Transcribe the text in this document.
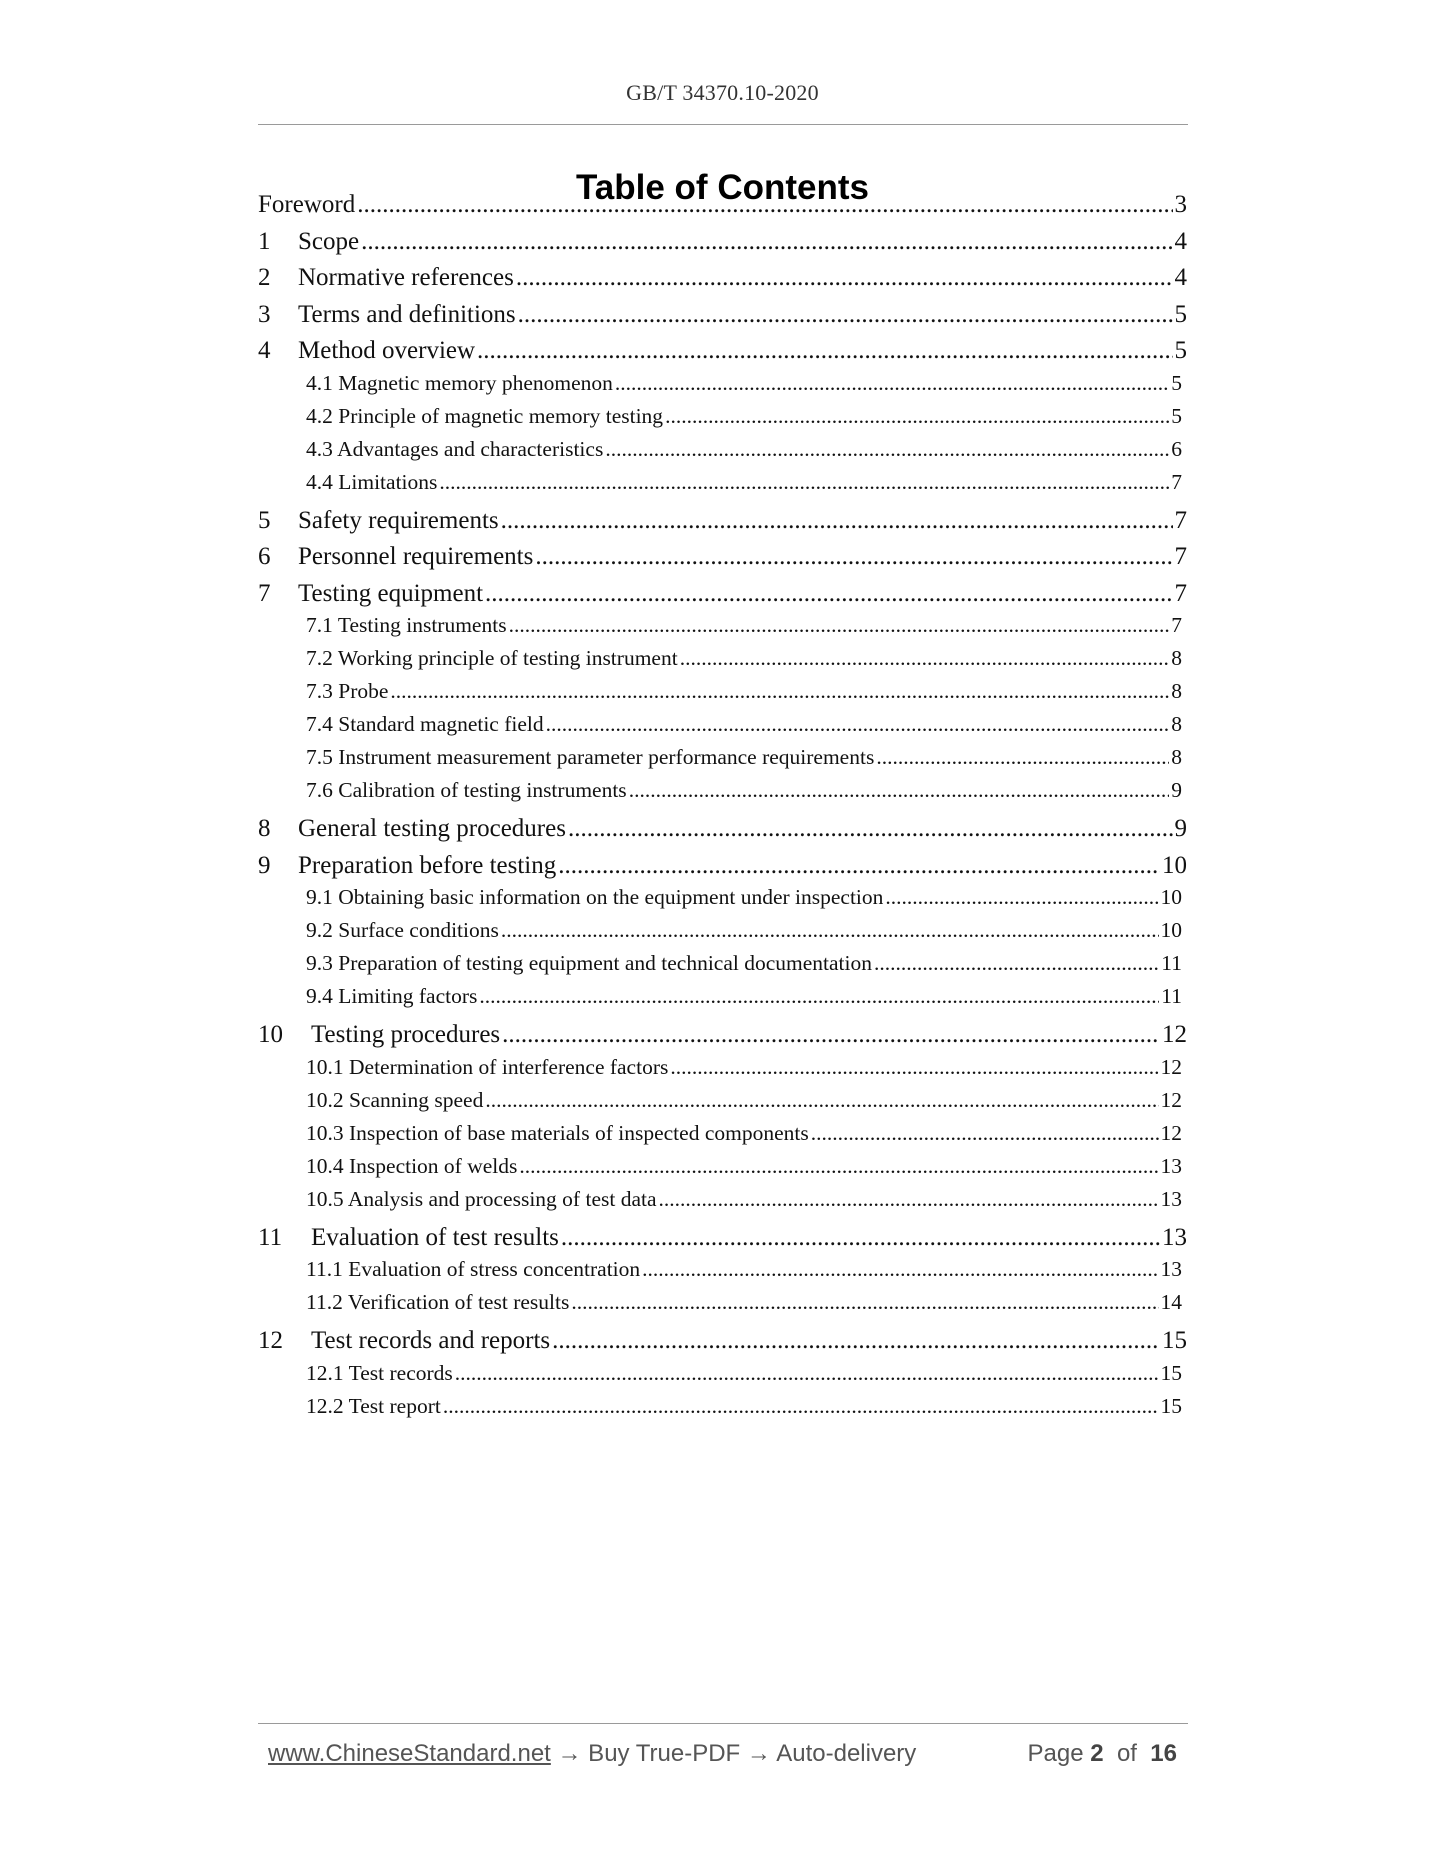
GB/T 34370.10-2020
Table of Contents
Foreword .....	3
1	Scope .....	4
2	Normative references .....	4
3	Terms and definitions .....	5
4	Method overview .....	5
4.1 Magnetic memory phenomenon .....	5
4.2 Principle of magnetic memory testing .....	5
4.3 Advantages and characteristics .....	6
4.4 Limitations .....	7
5	Safety requirements .....	7
6	Personnel requirements .....	7
7	Testing equipment .....	7
7.1 Testing instruments .....	7
7.2 Working principle of testing instrument .....	8
7.3 Probe .....	8
7.4 Standard magnetic field .....	8
7.5 Instrument measurement parameter performance requirements .....	8
7.6 Calibration of testing instruments .....	9
8	General testing procedures .....	9
9	Preparation before testing .....	10
9.1 Obtaining basic information on the equipment under inspection .....	10
9.2 Surface conditions .....	10
9.3 Preparation of testing equipment and technical documentation .....	11
9.4 Limiting factors .....	11
10	Testing procedures .....	12
10.1 Determination of interference factors .....	12
10.2 Scanning speed .....	12
10.3 Inspection of base materials of inspected components .....	12
10.4 Inspection of welds .....	13
10.5 Analysis and processing of test data .....	13
11	Evaluation of test results .....	13
11.1 Evaluation of stress concentration .....	13
11.2 Verification of test results .....	14
12	Test records and reports .....	15
12.1 Test records .....	15
12.2 Test report .....	15
www.ChineseStandard.net → Buy True-PDF → Auto-delivery	Page 2 of 16
